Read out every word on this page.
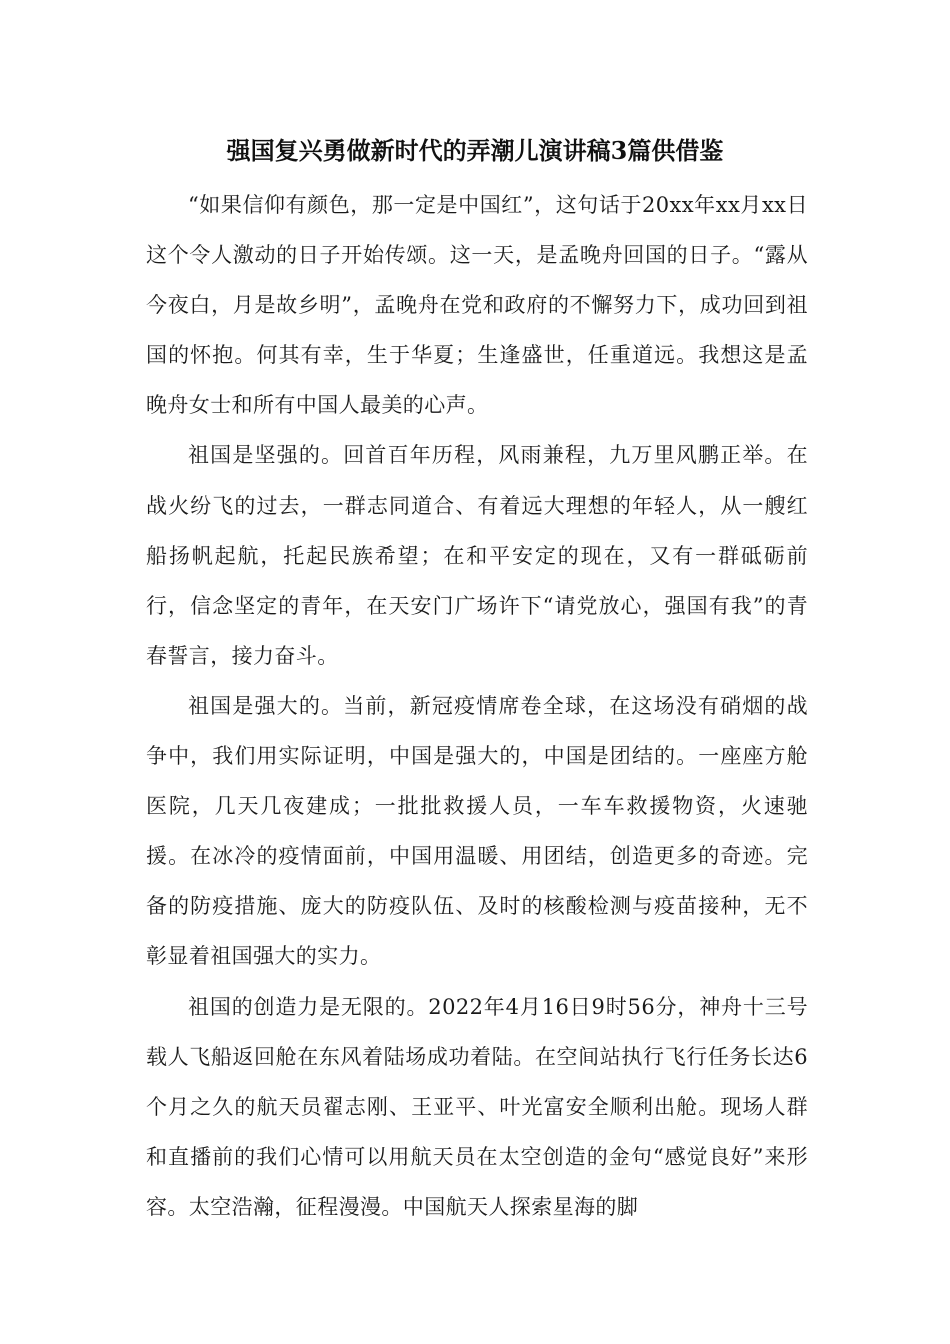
强国复兴勇做新时代的弄潮儿演讲稿3篇供借鉴

“如果信仰有颜色，那一定是中国红”，这句话于20xx年xx月xx日这个令人激动的日子开始传颂。这一天，是孟晚舟回国的日子。“露从今夜白，月是故乡明”，孟晚舟在党和政府的不懈努力下，成功回到祖国的怀抱。何其有幸，生于华夏；生逢盛世，任重道远。我想这是孟晚舟女士和所有中国人最美的心声。

祖国是坚强的。回首百年历程，风雨兼程，九万里风鹏正举。在战火纷飞的过去，一群志同道合、有着远大理想的年轻人，从一艘红船扬帆起航，托起民族希望；在和平安定的现在，又有一群砥砺前行，信念坚定的青年，在天安门广场许下“请党放心，强国有我”的青春誓言，接力奋斗。

祖国是强大的。当前，新冠疫情席卷全球，在这场没有硝烟的战争中，我们用实际证明，中国是强大的，中国是团结的。一座座方舱医院，几天几夜建成；一批批救援人员，一车车救援物资，火速驰援。在冰冷的疫情面前，中国用温暖、用团结，创造更多的奇迹。完备的防疫措施、庞大的防疫队伍、及时的核酸检测与疫苗接种，无不彰显着祖国强大的实力。

祖国的创造力是无限的。2022年4月16日9时56分，神舟十三号载人飞船返回舱在东风着陆场成功着陆。在空间站执行飞行任务长达6个月之久的航天员翟志刚、王亚平、叶光富安全顺利出舱。现场人群和直播前的我们心情可以用航天员在太空创造的金句“感觉良好”来形容。太空浩瀚，征程漫漫。中国航天人探索星海的脚
